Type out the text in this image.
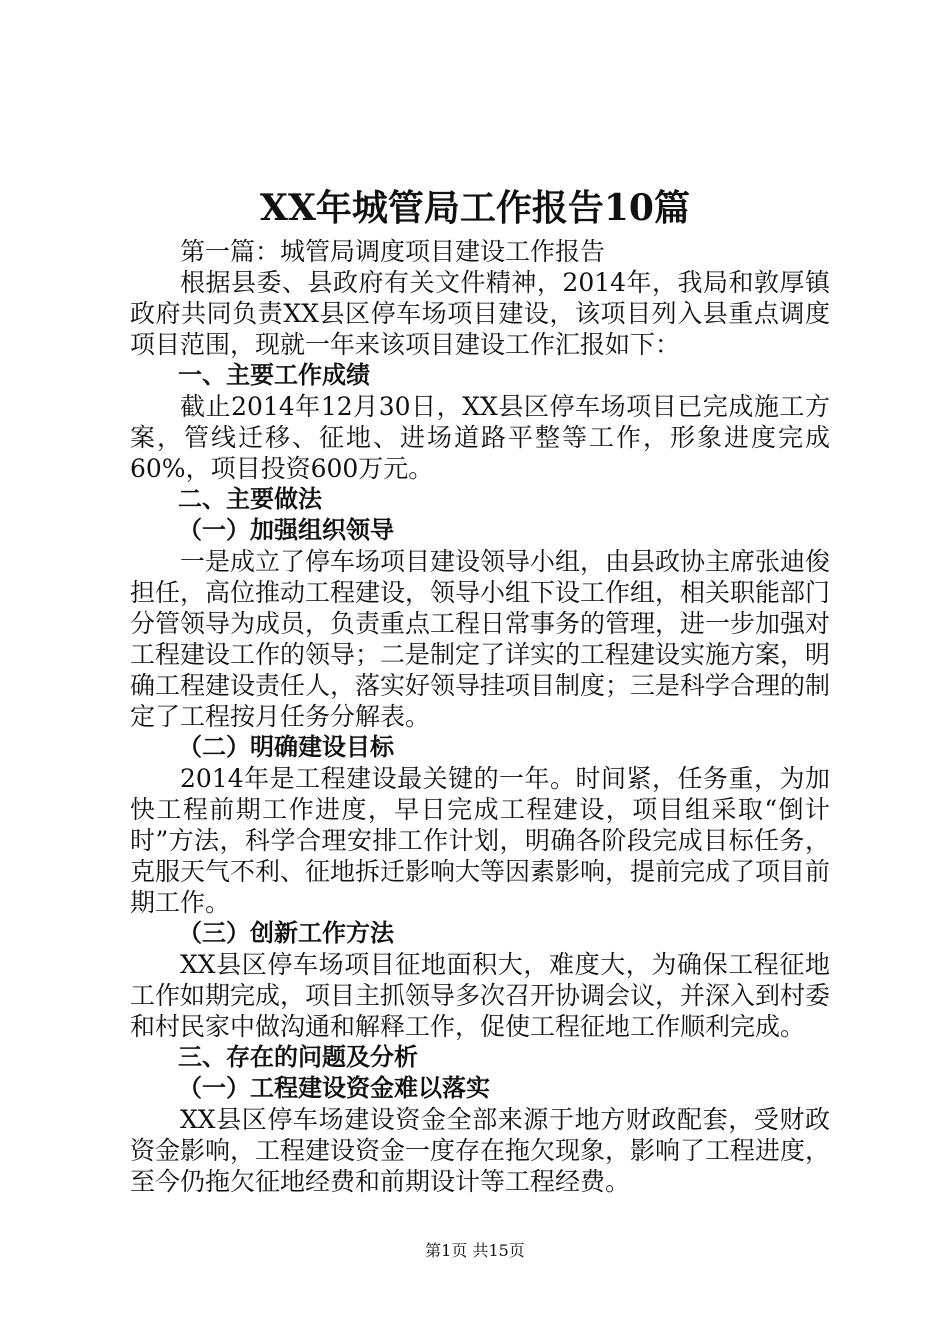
XX年城管局工作报告10篇

第一篇：城管局调度项目建设工作报告

根据县委、县政府有关文件精神，2014年，我局和敦厚镇政府共同负责XX县区停车场项目建设，该项目列入县重点调度项目范围，现就一年来该项目建设工作汇报如下：

一、主要工作成绩

截止2014年12月30日，XX县区停车场项目已完成施工方案，管线迁移、征地、进场道路平整等工作，形象进度完成60%，项目投资600万元。

二、主要做法

（一）加强组织领导

一是成立了停车场项目建设领导小组，由县政协主席张迪俊担任，高位推动工程建设，领导小组下设工作组，相关职能部门分管领导为成员，负责重点工程日常事务的管理，进一步加强对工程建设工作的领导；二是制定了详实的工程建设实施方案，明确工程建设责任人，落实好领导挂项目制度；三是科学合理的制定了工程按月任务分解表。

（二）明确建设目标

2014年是工程建设最关键的一年。时间紧，任务重，为加快工程前期工作进度，早日完成工程建设，项目组采取“倒计时”方法，科学合理安排工作计划，明确各阶段完成目标任务，克服天气不利、征地拆迁影响大等因素影响，提前完成了项目前期工作。

（三）创新工作方法

XX县区停车场项目征地面积大，难度大，为确保工程征地工作如期完成，项目主抓领导多次召开协调会议，并深入到村委和村民家中做沟通和解释工作，促使工程征地工作顺利完成。

三、存在的问题及分析

（一）工程建设资金难以落实

XX县区停车场建设资金全部来源于地方财政配套，受财政资金影响，工程建设资金一度存在拖欠现象，影响了工程进度，至今仍拖欠征地经费和前期设计等工程经费。

第1页 共15页
